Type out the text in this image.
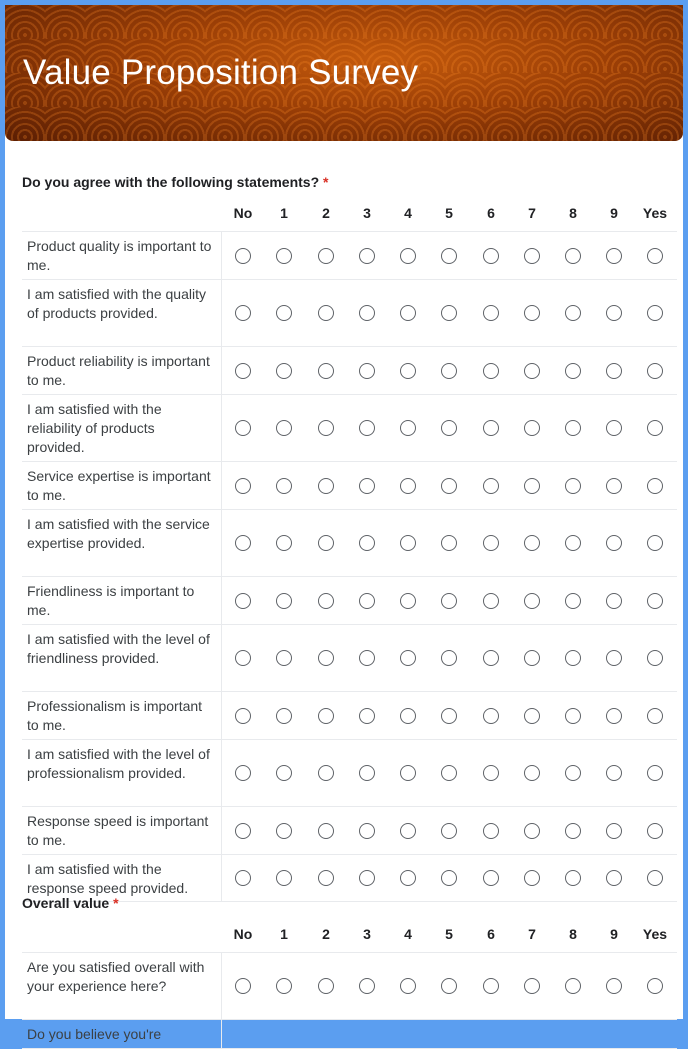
Value Proposition Survey
Do you agree with the following statements? *
No	1	2	3	4	5	6	7	8	9	Yes
Product quality is important to me.
I am satisfied with the quality of products provided.
Product reliability is important to me.
I am satisfied with the reliability of products provided.
Service expertise is important to me.
I am satisfied with the service expertise provided.
Friendliness is important to me.
I am satisfied with the level of friendliness provided.
Professionalism is important to me.
I am satisfied with the level of professionalism provided.
Response speed is important to me.
I am satisfied with the response speed provided.
Overall value *
No	1	2	3	4	5	6	7	8	9	Yes
Are you satisfied overall with your experience here?
Do you believe you're
